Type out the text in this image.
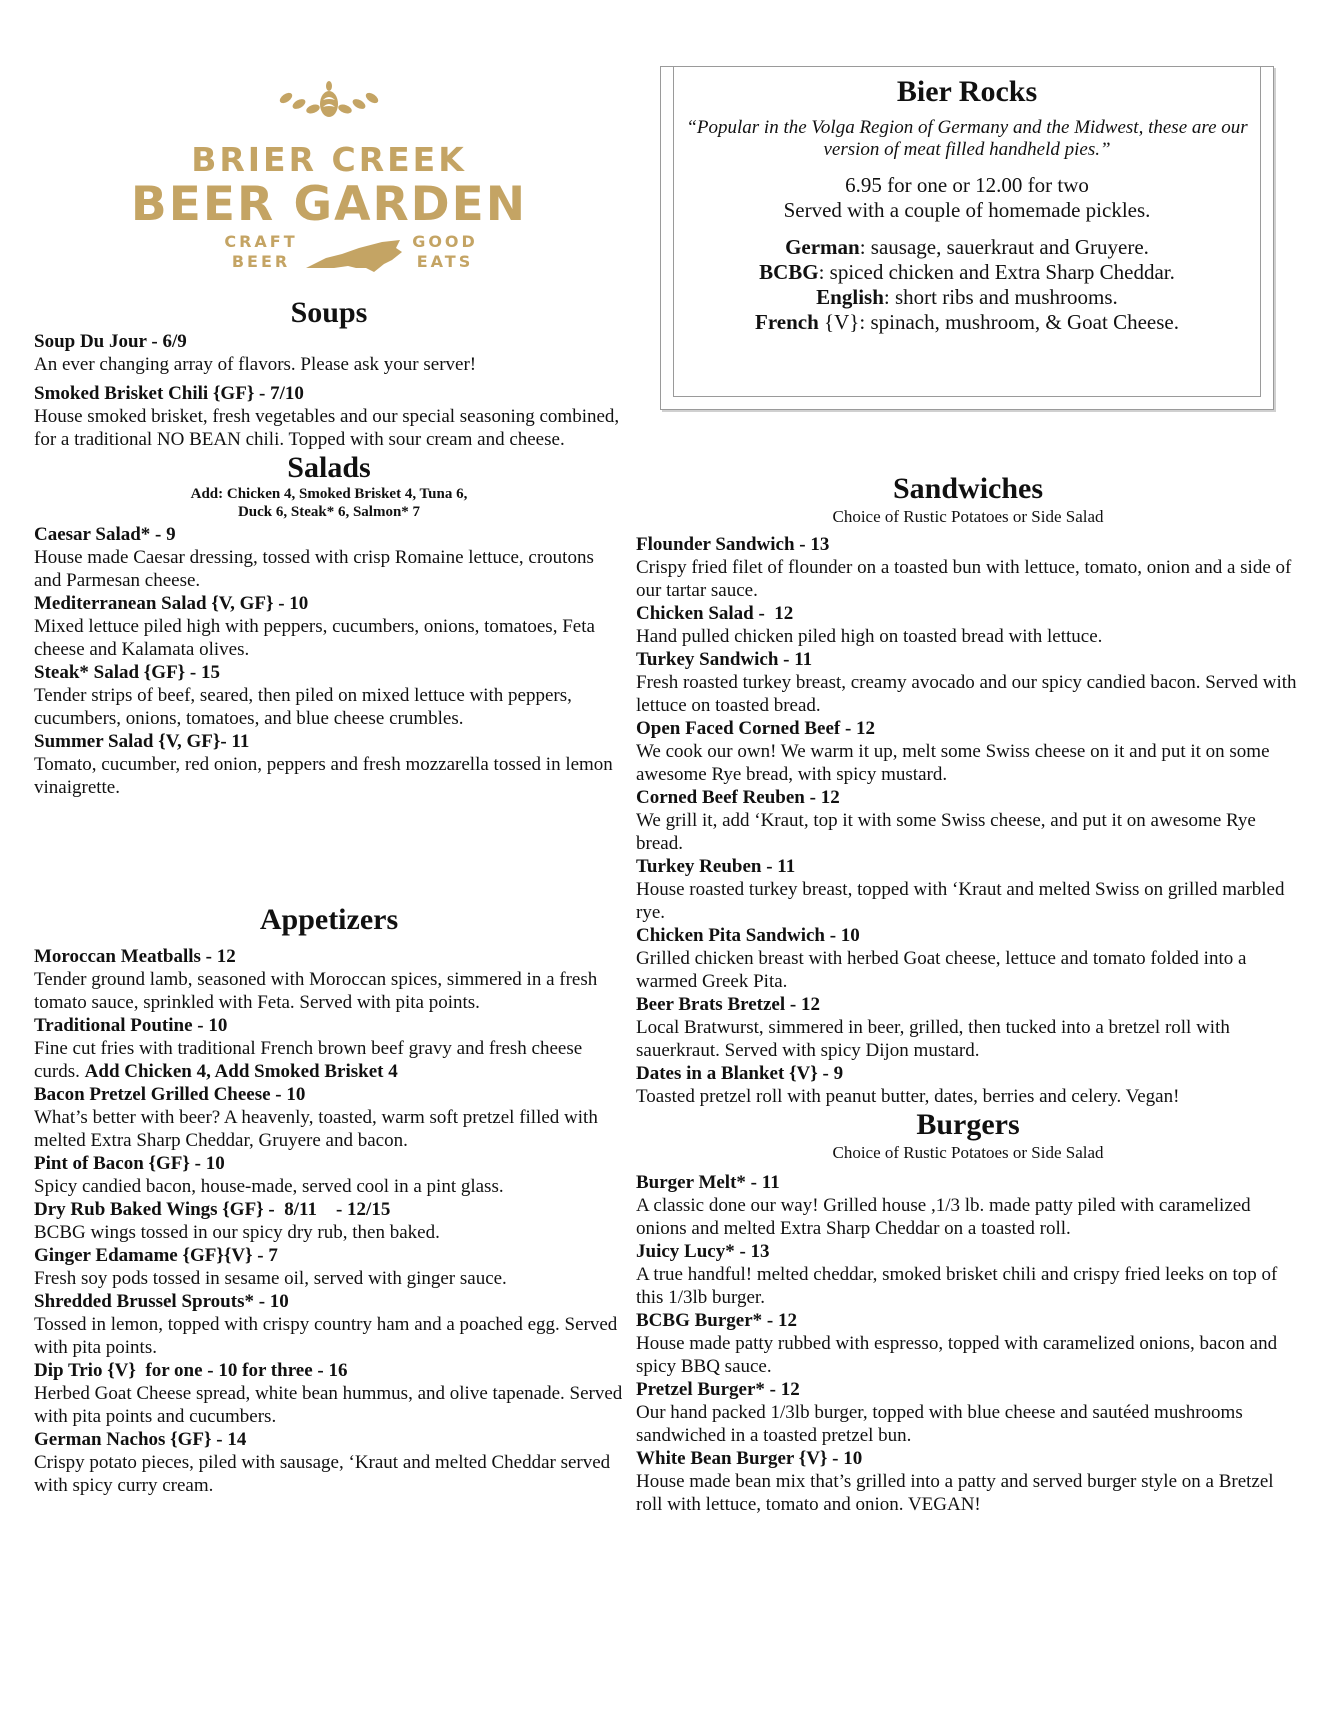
BRIER CREEK
BEER GARDEN
CRAFT
BEER
GOOD
EATS
Soups
Soup Du Jour - 6/9
An ever changing array of flavors. Please ask your server!
Smoked Brisket Chili {GF} - 7/10
House smoked brisket, fresh vegetables and our special seasoning combined, for a traditional NO BEAN chili. Topped with sour cream and cheese.
Salads

Add: Chicken 4, Smoked Brisket 4, Tuna 6,
Duck 6, Steak* 6, Salmon* 7

Caesar Salad* - 9
House made Caesar dressing, tossed with crisp Romaine lettuce, croutons and Parmesan cheese.
Mediterranean Salad {V, GF} - 10
Mixed lettuce piled high with peppers, cucumbers, onions, tomatoes, Feta cheese and Kalamata olives.
Steak* Salad {GF} - 15
Tender strips of beef, seared, then piled on mixed lettuce with peppers, cucumbers, onions, tomatoes, and blue cheese crumbles.
Summer Salad {V, GF}- 11
Tomato, cucumber, red onion, peppers and fresh mozzarella tossed in lemon vinaigrette.
Appetizers
Moroccan Meatballs - 12
Tender ground lamb, seasoned with Moroccan spices, simmered in a fresh tomato sauce, sprinkled with Feta. Served with pita points.
Traditional Poutine - 10
Fine cut fries with traditional French brown beef gravy and fresh cheese curds. Add Chicken 4, Add Smoked Brisket 4
Bacon Pretzel Grilled Cheese - 10
What’s better with beer? A heavenly, toasted, warm soft pretzel filled with melted Extra Sharp Cheddar, Gruyere and bacon.
Pint of Bacon {GF} - 10
Spicy candied bacon, house-made, served cool in a pint glass.
Dry Rub Baked Wings {GF} -  8/11    - 12/15
BCBG wings tossed in our spicy dry rub, then baked.
Ginger Edamame {GF}{V} - 7
Fresh soy pods tossed in sesame oil, served with ginger sauce.
Shredded Brussel Sprouts* - 10
Tossed in lemon, topped with crispy country ham and a poached egg. Served with pita points.
Dip Trio {V}  for one - 10 for three - 16
Herbed Goat Cheese spread, white bean hummus, and olive tapenade. Served with pita points and cucumbers.
German Nachos {GF} - 14
Crispy potato pieces, piled with sausage, ‘Kraut and melted Cheddar served with spicy curry cream.
Bier Rocks

“Popular in the Volga Region of Germany and the Midwest, these are our version of meat filled handheld pies.”

6.95 for one or 12.00 for two
Served with a couple of homemade pickles.

German: sausage, sauerkraut and Gruyere.

BCBG: spiced chicken and Extra Sharp Cheddar.

English: short ribs and mushrooms.

French {V}: spinach, mushroom, & Goat Cheese.

Sandwiches

Choice of Rustic Potatoes or Side Salad

Flounder Sandwich - 13
Crispy fried filet of flounder on a toasted bun with lettuce, tomato, onion and a side of our tartar sauce.
Chicken Salad -  12
Hand pulled chicken piled high on toasted bread with lettuce.
Turkey Sandwich - 11
Fresh roasted turkey breast, creamy avocado and our spicy candied bacon. Served with lettuce on toasted bread.
Open Faced Corned Beef - 12
We cook our own! We warm it up, melt some Swiss cheese on it and put it on some awesome Rye bread, with spicy mustard.
Corned Beef Reuben - 12
We grill it, add ‘Kraut, top it with some Swiss cheese, and put it on awesome Rye bread.
Turkey Reuben - 11
House roasted turkey breast, topped with ‘Kraut and melted Swiss on grilled marbled rye.
Chicken Pita Sandwich - 10
Grilled chicken breast with herbed Goat cheese, lettuce and tomato folded into a warmed Greek Pita.
Beer Brats Bretzel - 12
Local Bratwurst, simmered in beer, grilled, then tucked into a bretzel roll with sauerkraut. Served with spicy Dijon mustard.
Dates in a Blanket {V} - 9
Toasted pretzel roll with peanut butter, dates, berries and celery. Vegan!
Burgers

Choice of Rustic Potatoes or Side Salad

Burger Melt* - 11
A classic done our way! Grilled house ,1/3 lb. made patty piled with caramelized onions and melted Extra Sharp Cheddar on a toasted roll.
Juicy Lucy* - 13
A true handful! melted cheddar, smoked brisket chili and crispy fried leeks on top of this 1/3lb burger.
BCBG Burger* - 12
House made patty rubbed with espresso, topped with caramelized onions, bacon and spicy BBQ sauce.
Pretzel Burger* - 12
Our hand packed 1/3lb burger, topped with blue cheese and sautéed mushrooms sandwiched in a toasted pretzel bun.
White Bean Burger {V} - 10
House made bean mix that’s grilled into a patty and served burger style on a Bretzel roll with lettuce, tomato and onion. VEGAN!
